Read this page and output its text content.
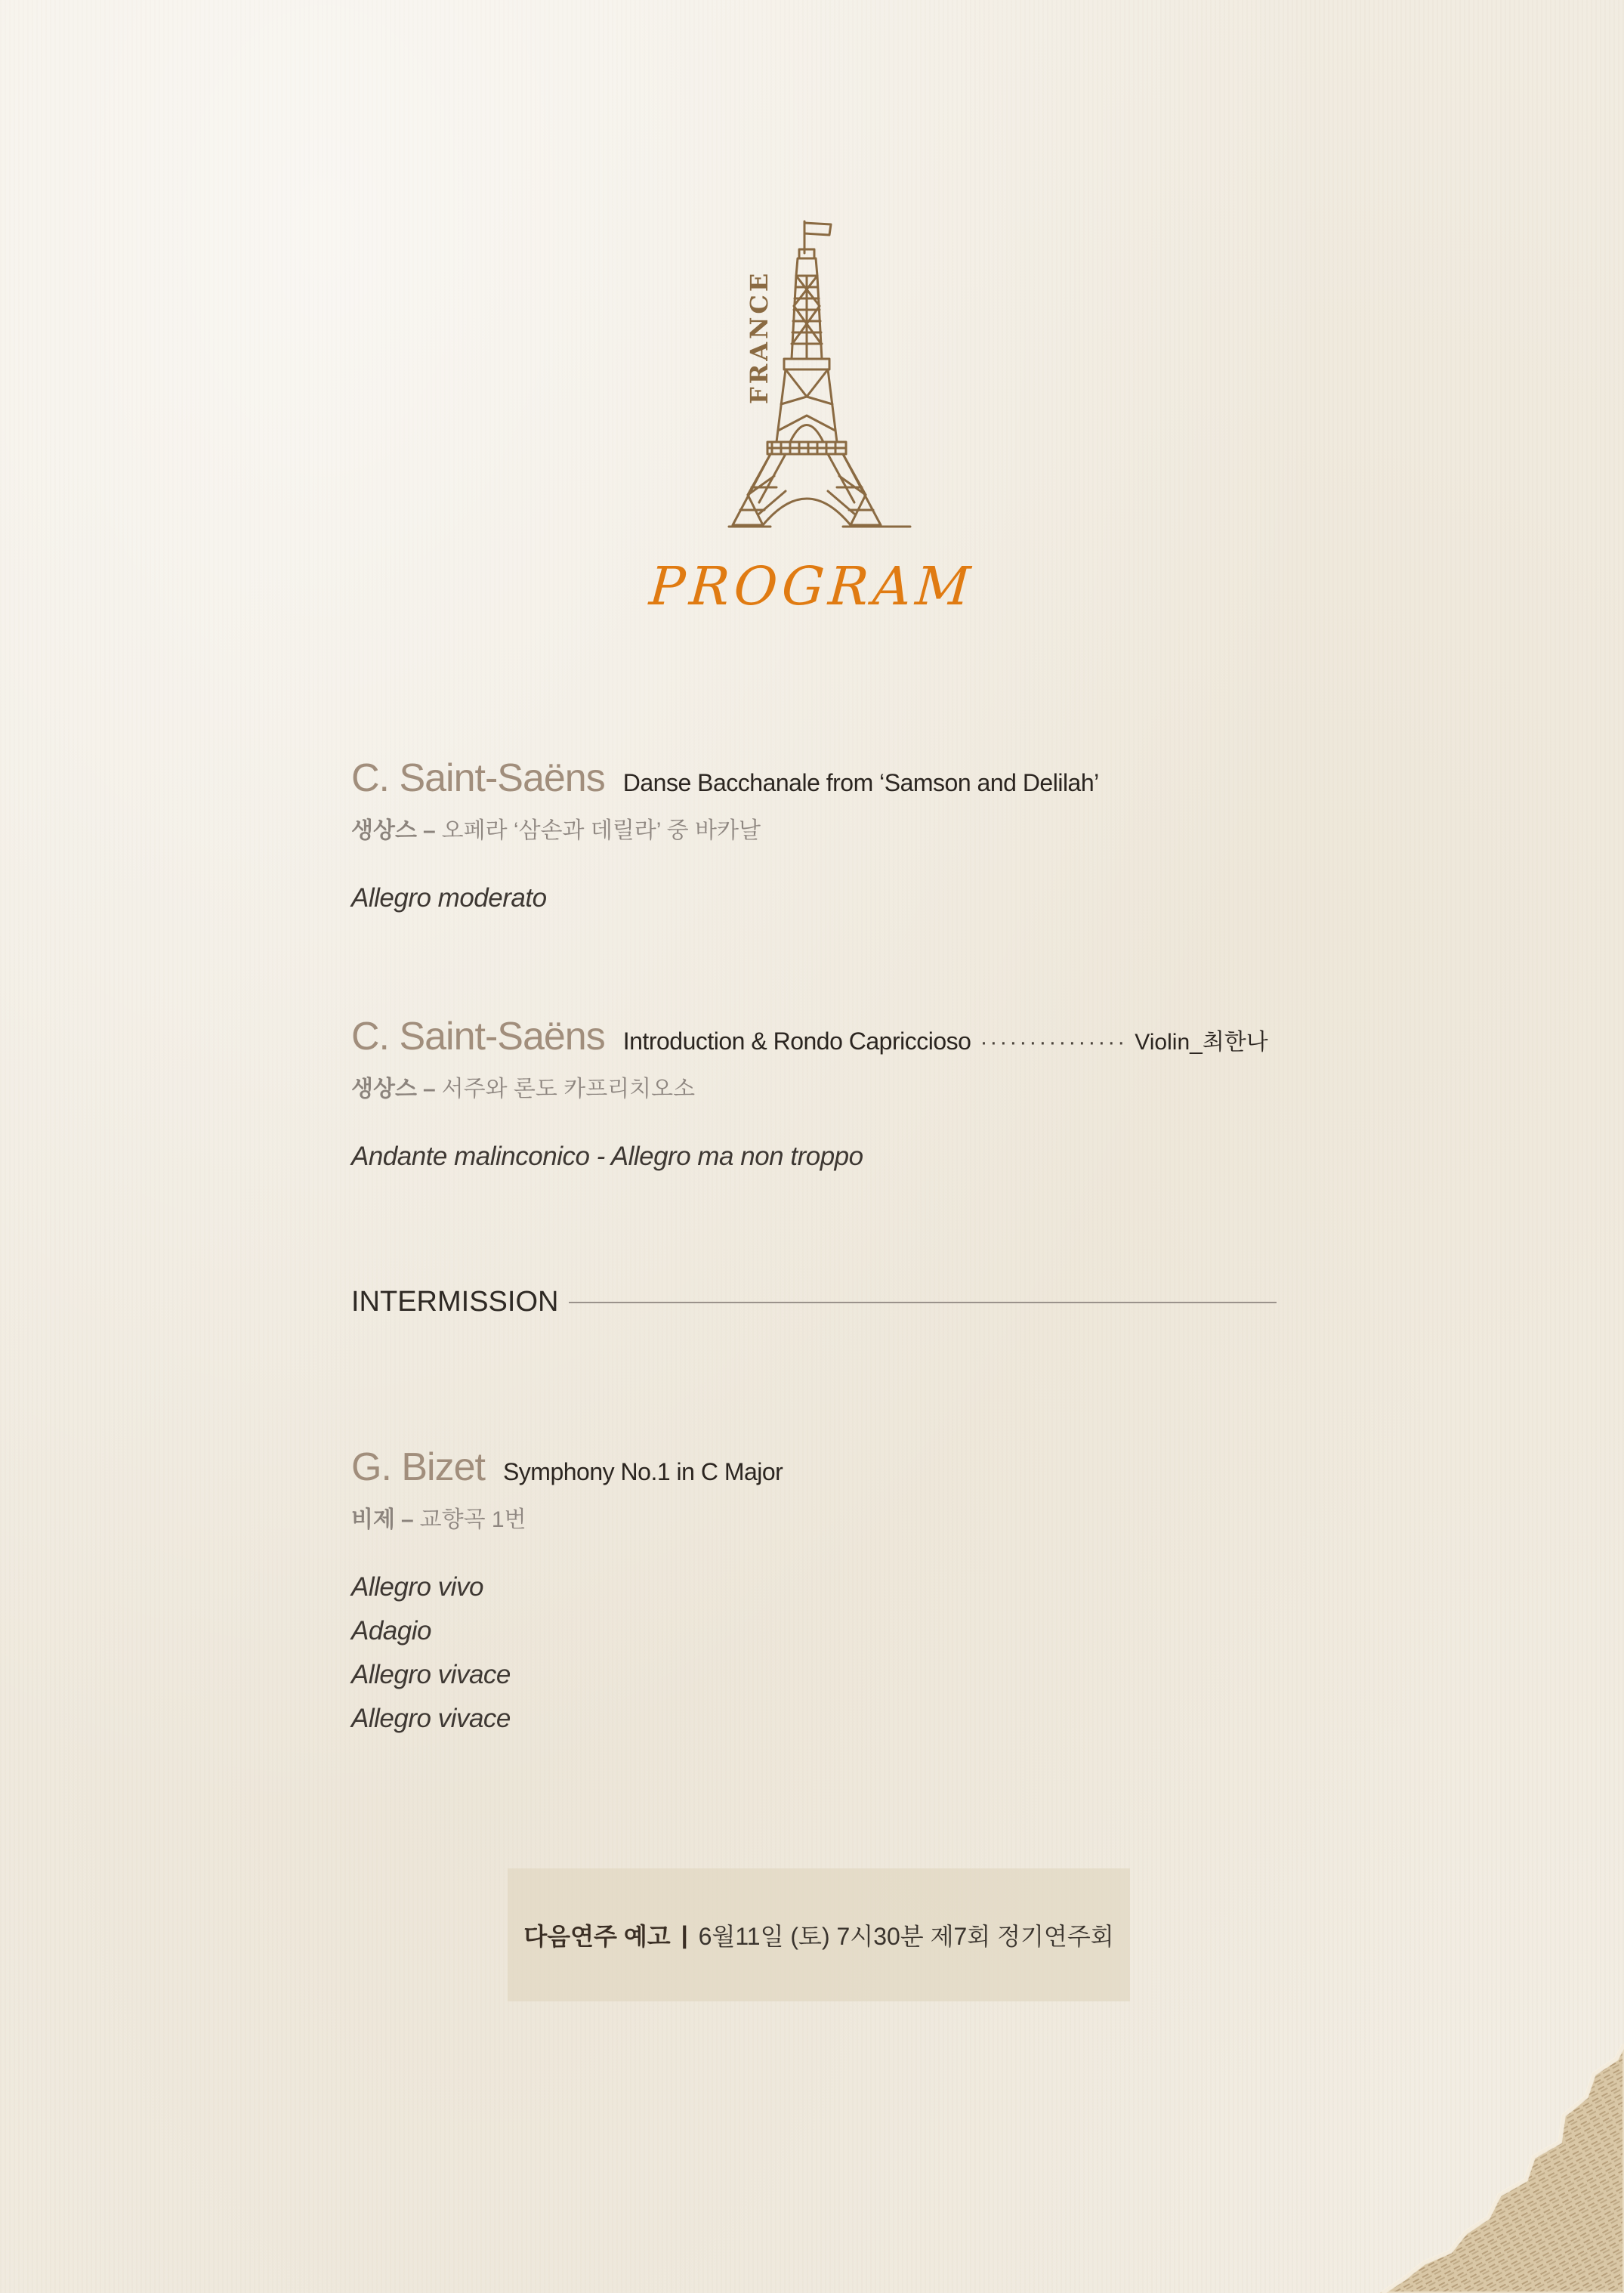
FRANCE
PROGRAM
C. Saint-Saëns Danse Bacchanale from ‘Samson and Delilah’
생상스 – 오페라 ‘삼손과 데릴라’ 중 바카날
Allegro moderato
C. Saint-Saëns Introduction & Rondo Capriccioso ··············· Violin_최한나
생상스 – 서주와 론도 카프리치오소
Andante malinconico - Allegro ma non troppo
INTERMISSION
G. Bizet Symphony No.1 in C Major
비제 – 교향곡 1번
Allegro vivo
Adagio
Allegro vivace
Allegro vivace
다음연주 예고 | 6월11일 (토) 7시30분 제7회 정기연주회
